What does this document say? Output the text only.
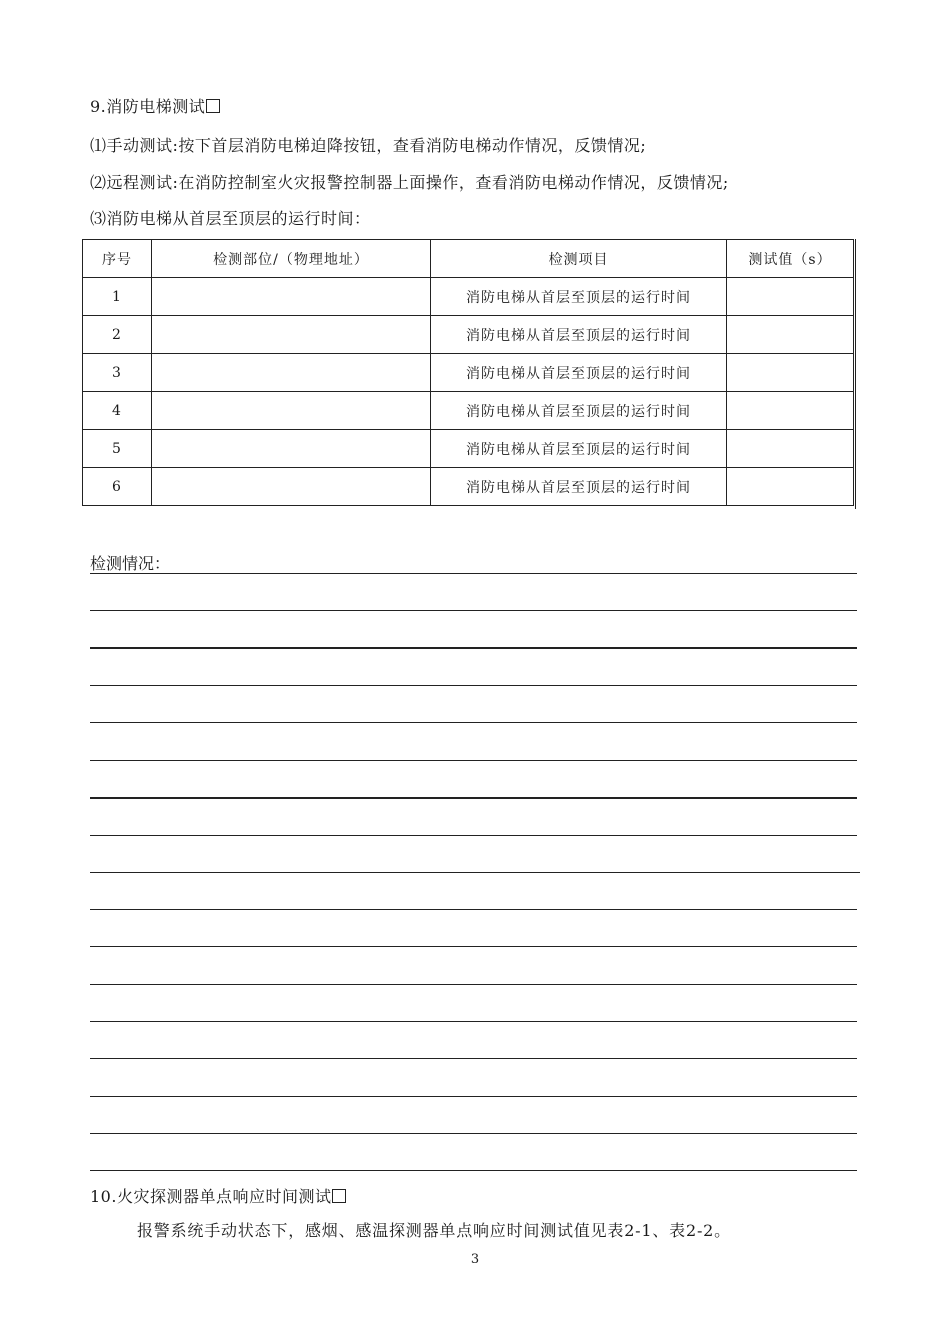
9.消防电梯测试
⑴手动测试:按下首层消防电梯迫降按钮，查看消防电梯动作情况，反馈情况;
⑵远程测试:在消防控制室火灾报警控制器上面操作，查看消防电梯动作情况，反馈情况;
⑶消防电梯从首层至顶层的运行时间：
序号	检测部位/（物理地址）	检测项目	测试值（s）
1		消防电梯从首层至顶层的运行时间	
2		消防电梯从首层至顶层的运行时间	
3		消防电梯从首层至顶层的运行时间	
4		消防电梯从首层至顶层的运行时间	
5		消防电梯从首层至顶层的运行时间	
6		消防电梯从首层至顶层的运行时间	
检测情况：
10.火灾探测器单点响应时间测试
报警系统手动状态下，感烟、感温探测器单点响应时间测试值见表2-1、表2-2。
3
